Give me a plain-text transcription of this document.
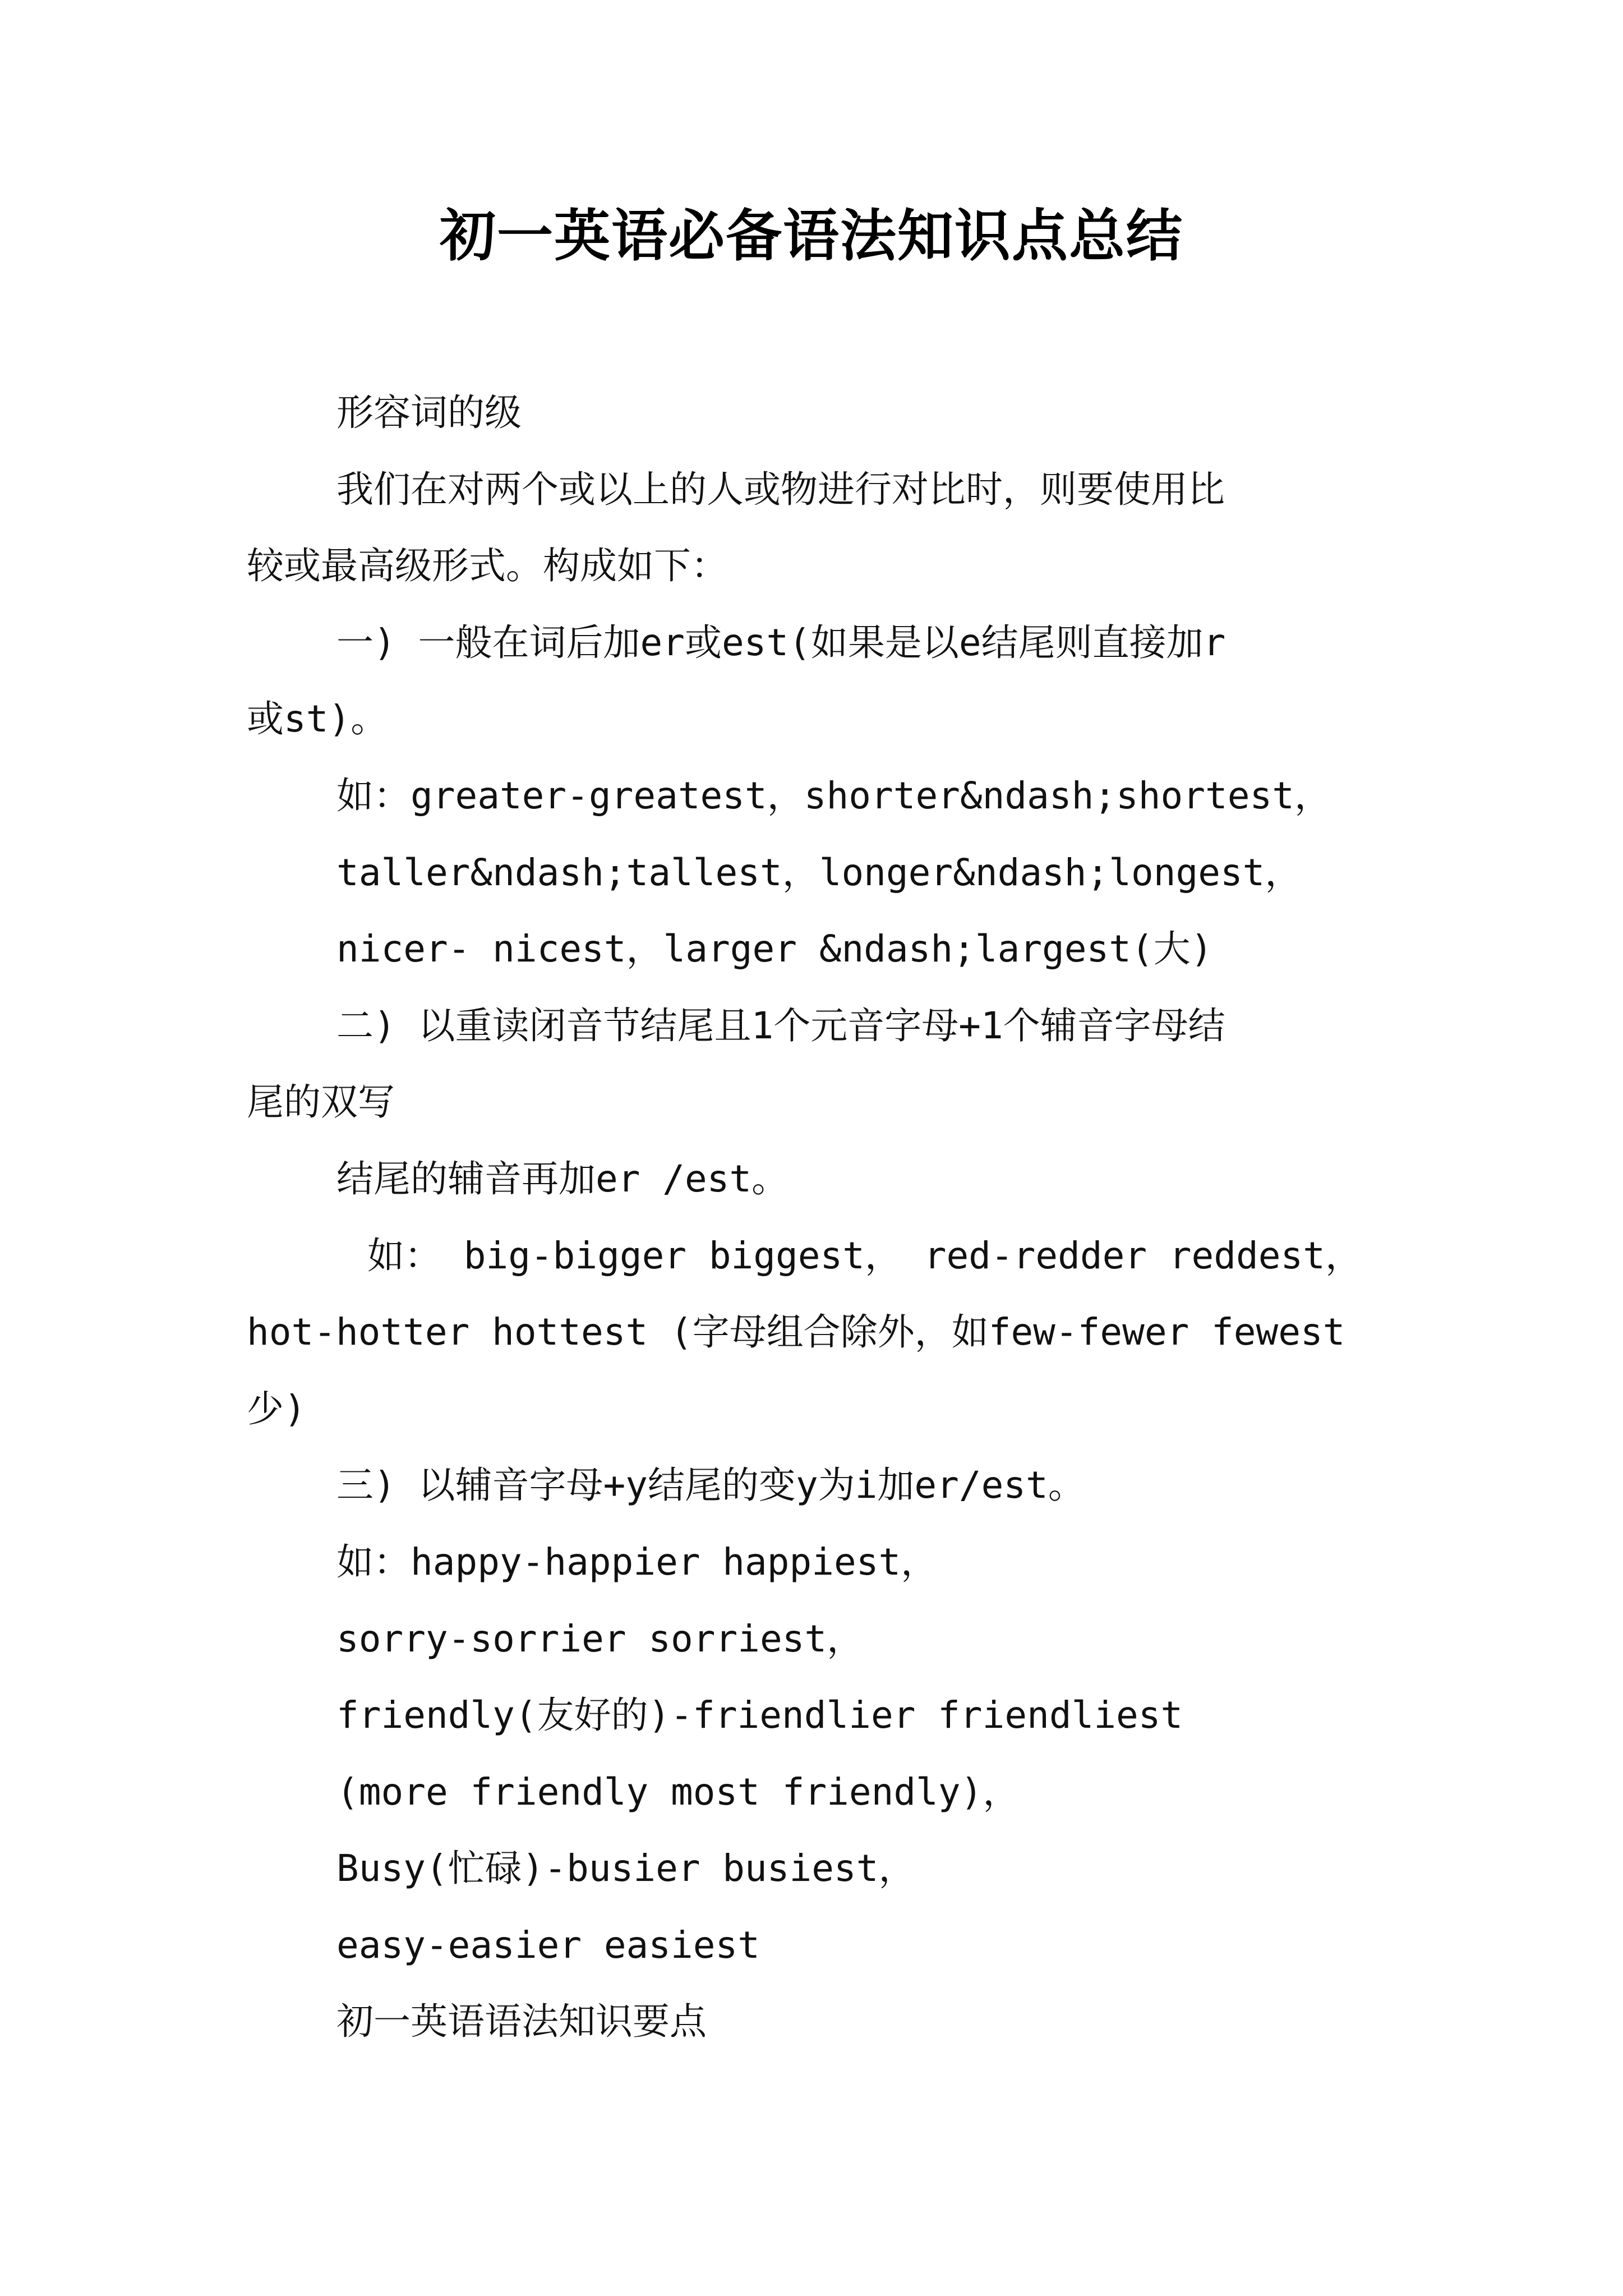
初一英语必备语法知识点总结
形容词的级
我们在对两个或以上的人或物进行对比时，则要使用比
较或最高级形式。构成如下：
一) 一般在词后加er或est(如果是以e结尾则直接加r
或st)。
如：greater-greatest，shorter&ndash;shortest，
taller&ndash;tallest，longer&ndash;longest，
nicer- nicest，larger &ndash;largest(大)
二) 以重读闭音节结尾且1个元音字母+1个辅音字母结
尾的双写
结尾的辅音再加er /est。
如： big-bigger biggest， red-redder reddest，
hot-hotter hottest (字母组合除外，如few-fewer fewest
少)
三) 以辅音字母+y结尾的变y为i加er/est。
如：happy-happier happiest，
sorry-sorrier sorriest，
friendly(友好的)-friendlier friendliest
(more friendly most friendly)，
Busy(忙碌)-busier busiest，
easy-easier easiest
初一英语语法知识要点
